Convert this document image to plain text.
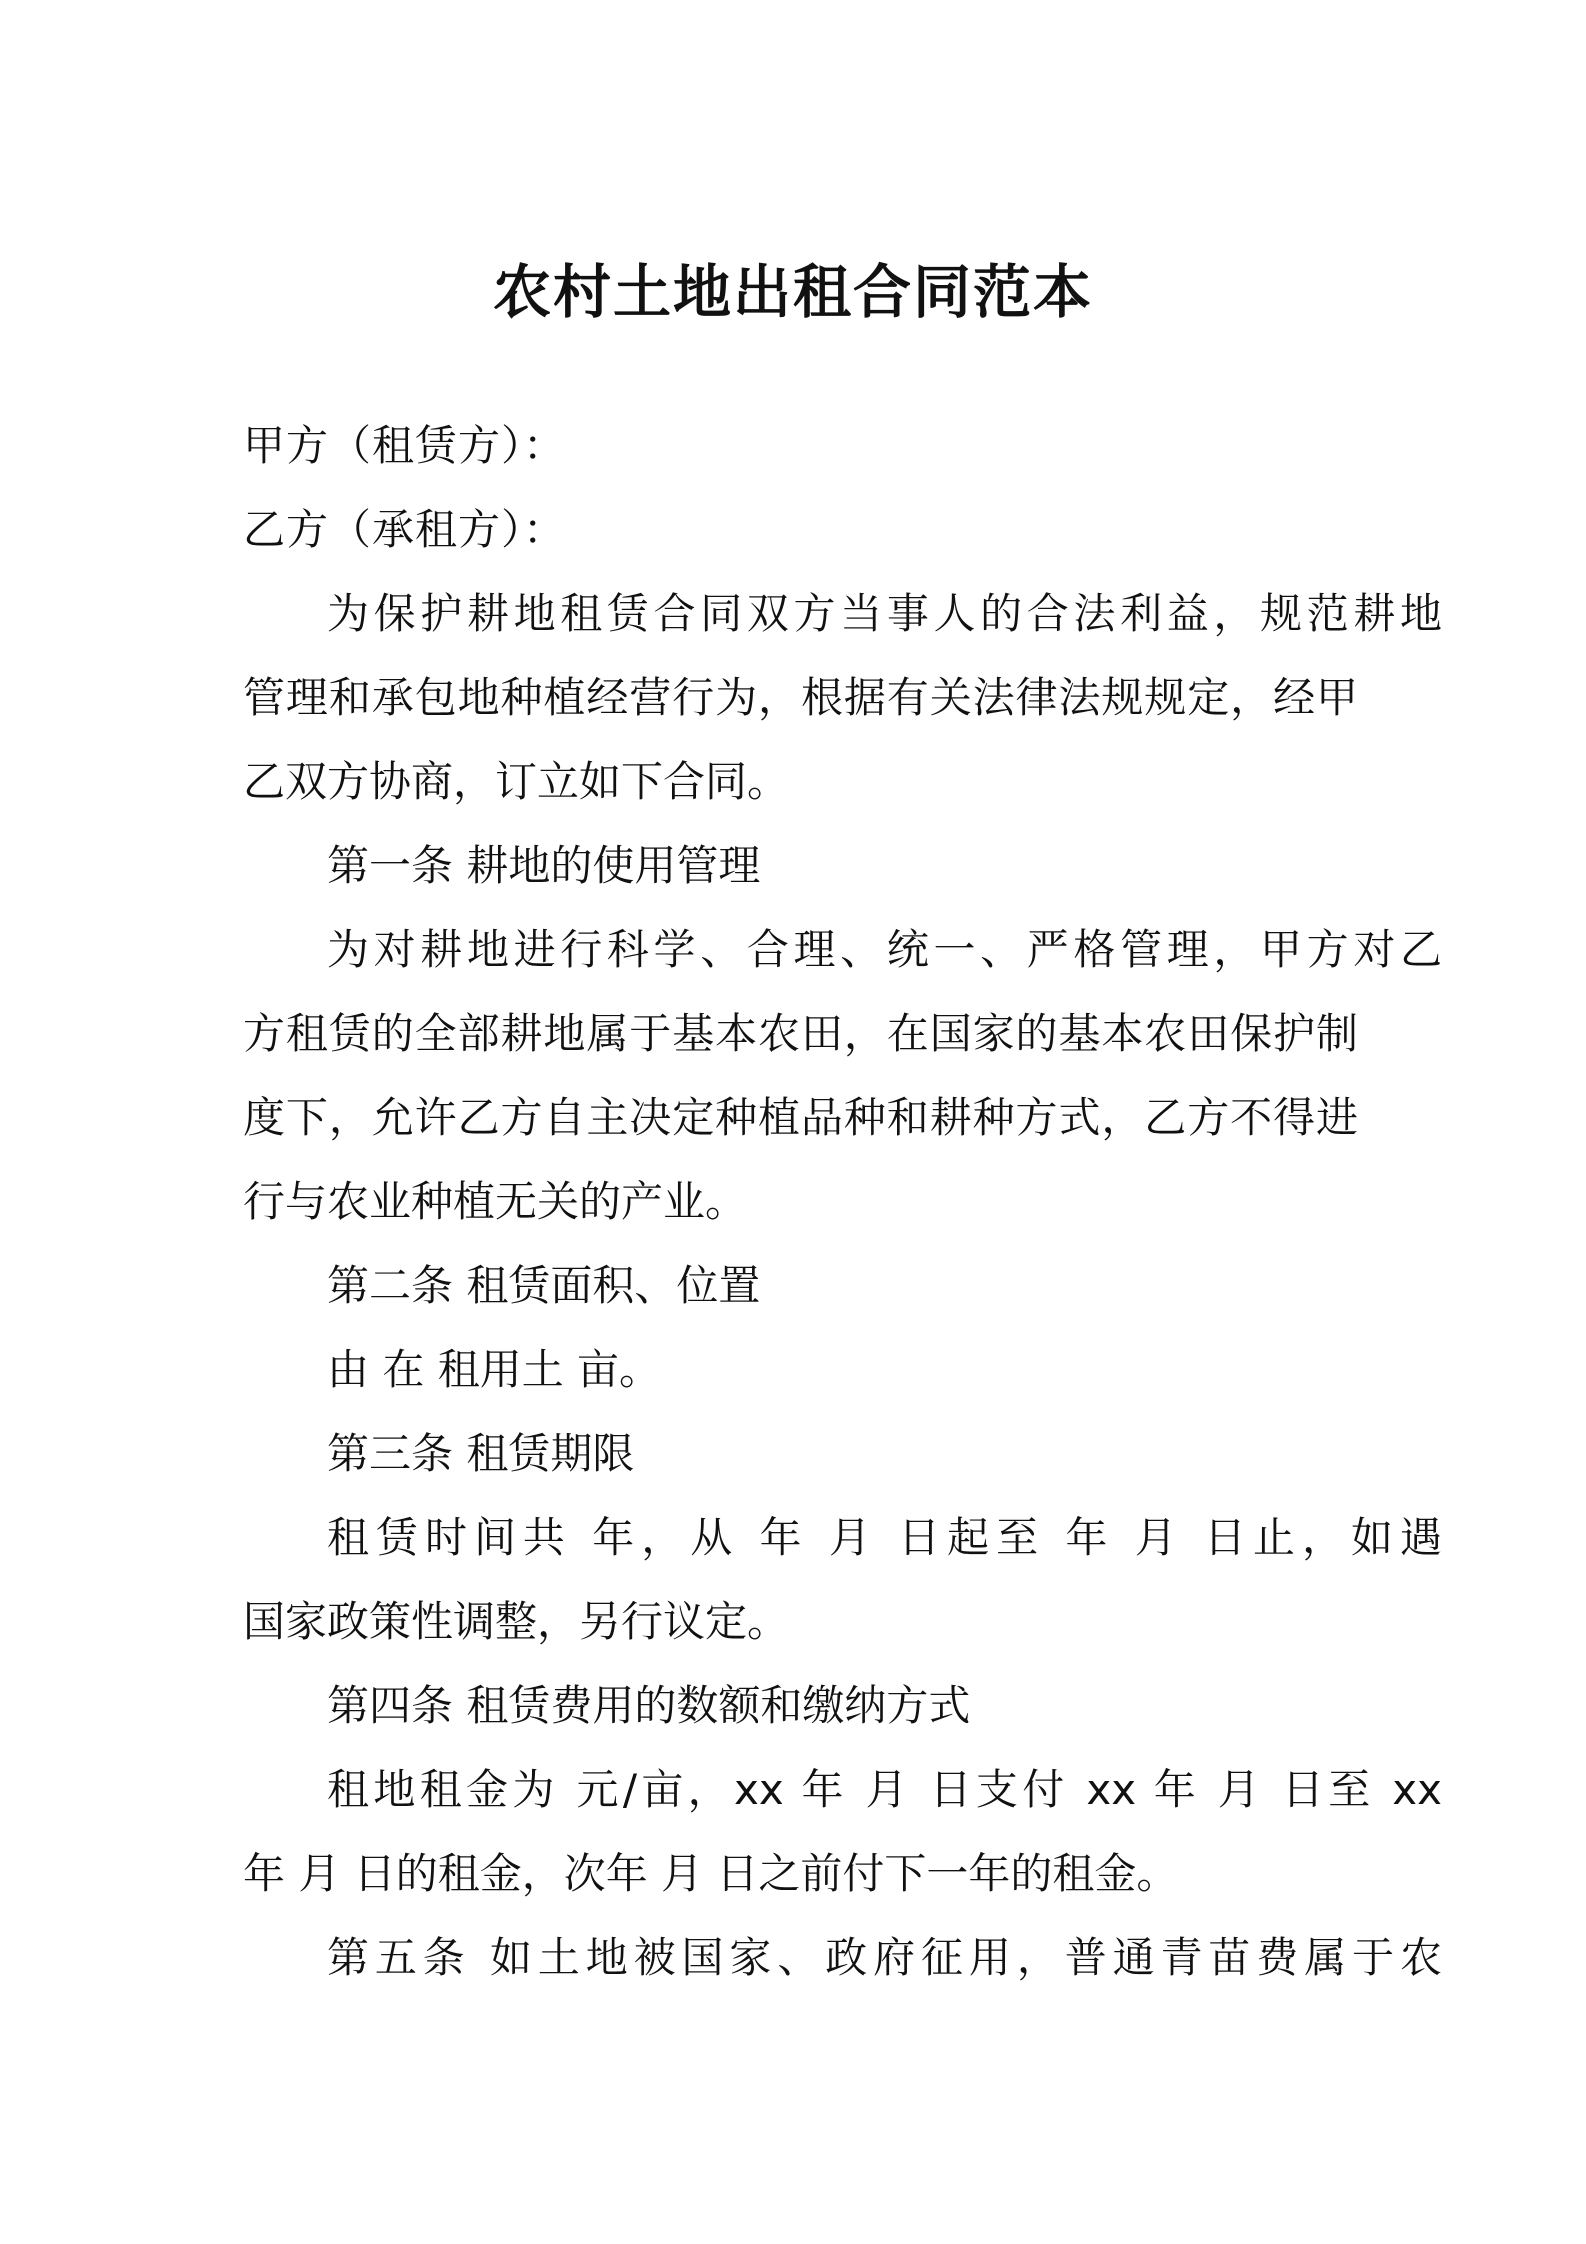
农村土地出租合同范本
甲方（租赁方）：
乙方（承租方）：
为保护耕地租赁合同双方当事人的合法利益，规范耕地
管理和承包地种植经营行为，根据有关法律法规规定，经甲
乙双方协商，订立如下合同。
第一条 耕地的使用管理
为对耕地进行科学、合理、统一、严格管理，甲方对乙
方租赁的全部耕地属于基本农田，在国家的基本农田保护制
度下，允许乙方自主决定种植品种和耕种方式，乙方不得进
行与农业种植无关的产业。
第二条 租赁面积、位置
由 在 租用土 亩。
第三条 租赁期限
租赁时间共 年，从 年 月 日起至 年 月 日止，如遇
国家政策性调整，另行议定。
第四条 租赁费用的数额和缴纳方式
租地租金为 元/亩，xx 年 月 日支付 xx 年 月 日至 xx
年 月 日的租金，次年 月 日之前付下一年的租金。
第五条 如土地被国家、政府征用，普通青苗费属于农
